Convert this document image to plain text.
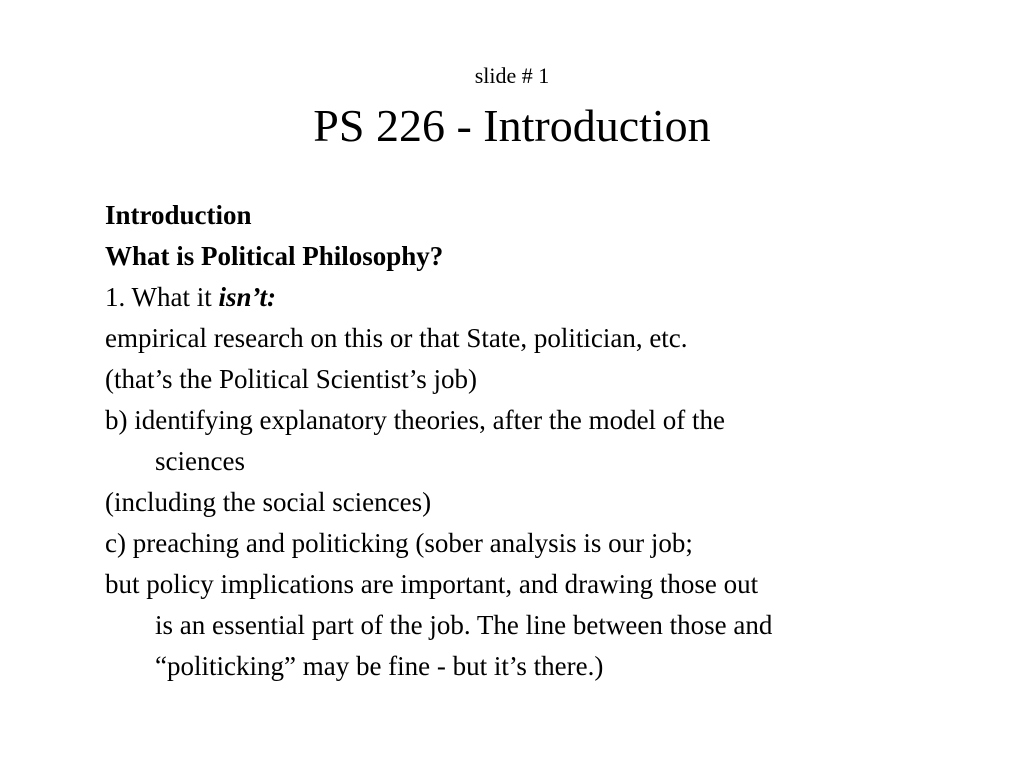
slide # 1
PS 226 - Introduction

Introduction

What is Political Philosophy?

1. What it isn’t:

empirical research on this or that State, politician, etc.

(that’s the Political Scientist’s job)

b) identifying explanatory theories, after the model of the

sciences

(including the social sciences)

c) preaching and politicking (sober analysis is our job;

but policy implications are important, and drawing those out

is an essential part of the job. The line between those and

“politicking” may be fine - but it’s there.)
